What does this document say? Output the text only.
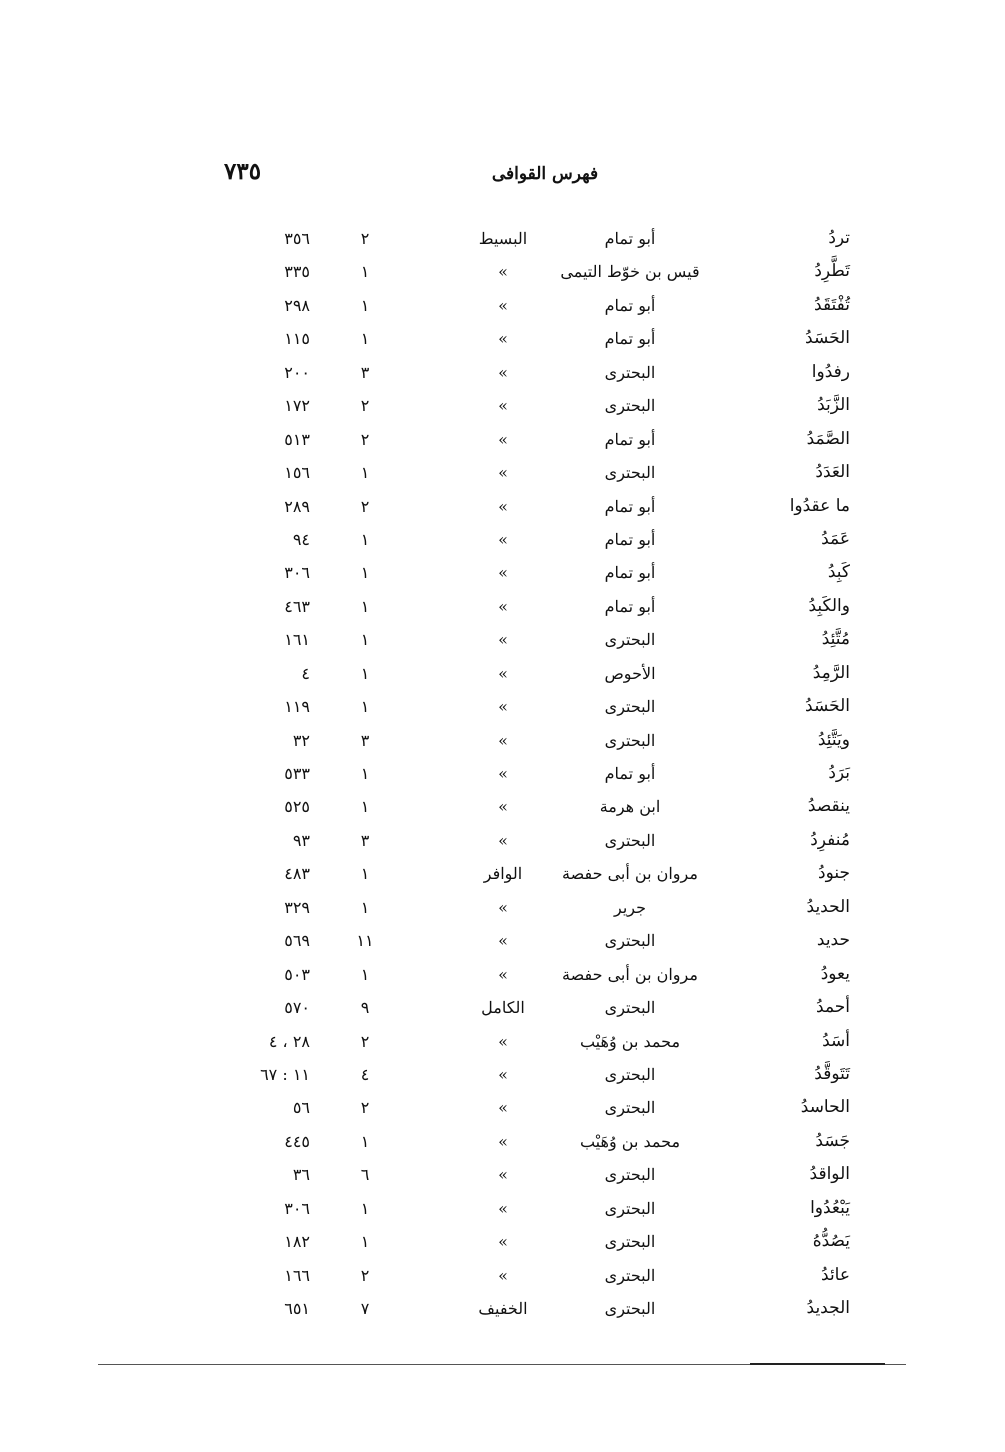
٧٣٥	فهرس القوافى
تردُ
أبو تمام
البسيط
٢
٣٥٦
تَطَّرِدُ
قيس بن خوّط التيمى
»
١
٣٣٥
تُفْتَقَدُ
أبو تمام
»
١
٢٩٨
الحَسَدُ
أبو تمام
»
١
١١٥
رفدُوا
البحترى
»
٣
٢٠٠
الزَّبَدُ
البحترى
»
٢
١٧٢
الصَّمَدُ
أبو تمام
»
٢
٥١٣
العَدَدُ
البحترى
»
١
١٥٦
ما عقدُوا
أبو تمام
»
٢
٢٨٩
عَمَدُ
أبو تمام
»
١
٩٤
كَبِدُ
أبو تمام
»
١
٣٠٦
والكَبِدُ
أبو تمام
»
١
٤٦٣
مُتَّئِدُ
البحترى
»
١
١٦١
الرَّمِدُ
الأحوص
»
١
٤
الحَسَدُ
البحترى
»
١
١١٩
ويَتَّئِدُ
البحترى
»
٣
٣٢
بَرَدُ
أبو تمام
»
١
٥٣٣
ينقصدُ
ابن هرمة
»
١
٥٢٥
مُنفرِدُ
البحترى
»
٣
٩٣
جنودُ
مروان بن أبى حفصة
الوافر
١
٤٨٣
الحديدُ
جرير
»
١
٣٢٩
حديد
البحترى
»
١١
٥٦٩
يعودُ
مروان بن أبى حفصة
»
١
٥٠٣
أحمدُ
البحترى
الكامل
٩
٥٧٠
أسَدُ
محمد بن وُهَيْب
»
٢
٢٨ ، ٤
تَتَوقَّدُ
البحترى
»
٤
١١ : ٦٧
الحاسدُ
البحترى
»
٢
٥٦
جَسَدُ
محمد بن وُهَيْب
»
١
٤٤٥
الواقدُ
البحترى
»
٦
٣٦
يَبْعُدُوا
البحترى
»
١
٣٠٦
يَصُدُّهُ
البحترى
»
١
١٨٢
عائدُ
البحترى
»
٢
١٦٦
الجديدُ
البحترى
الخفيف
٧
٦٥١
